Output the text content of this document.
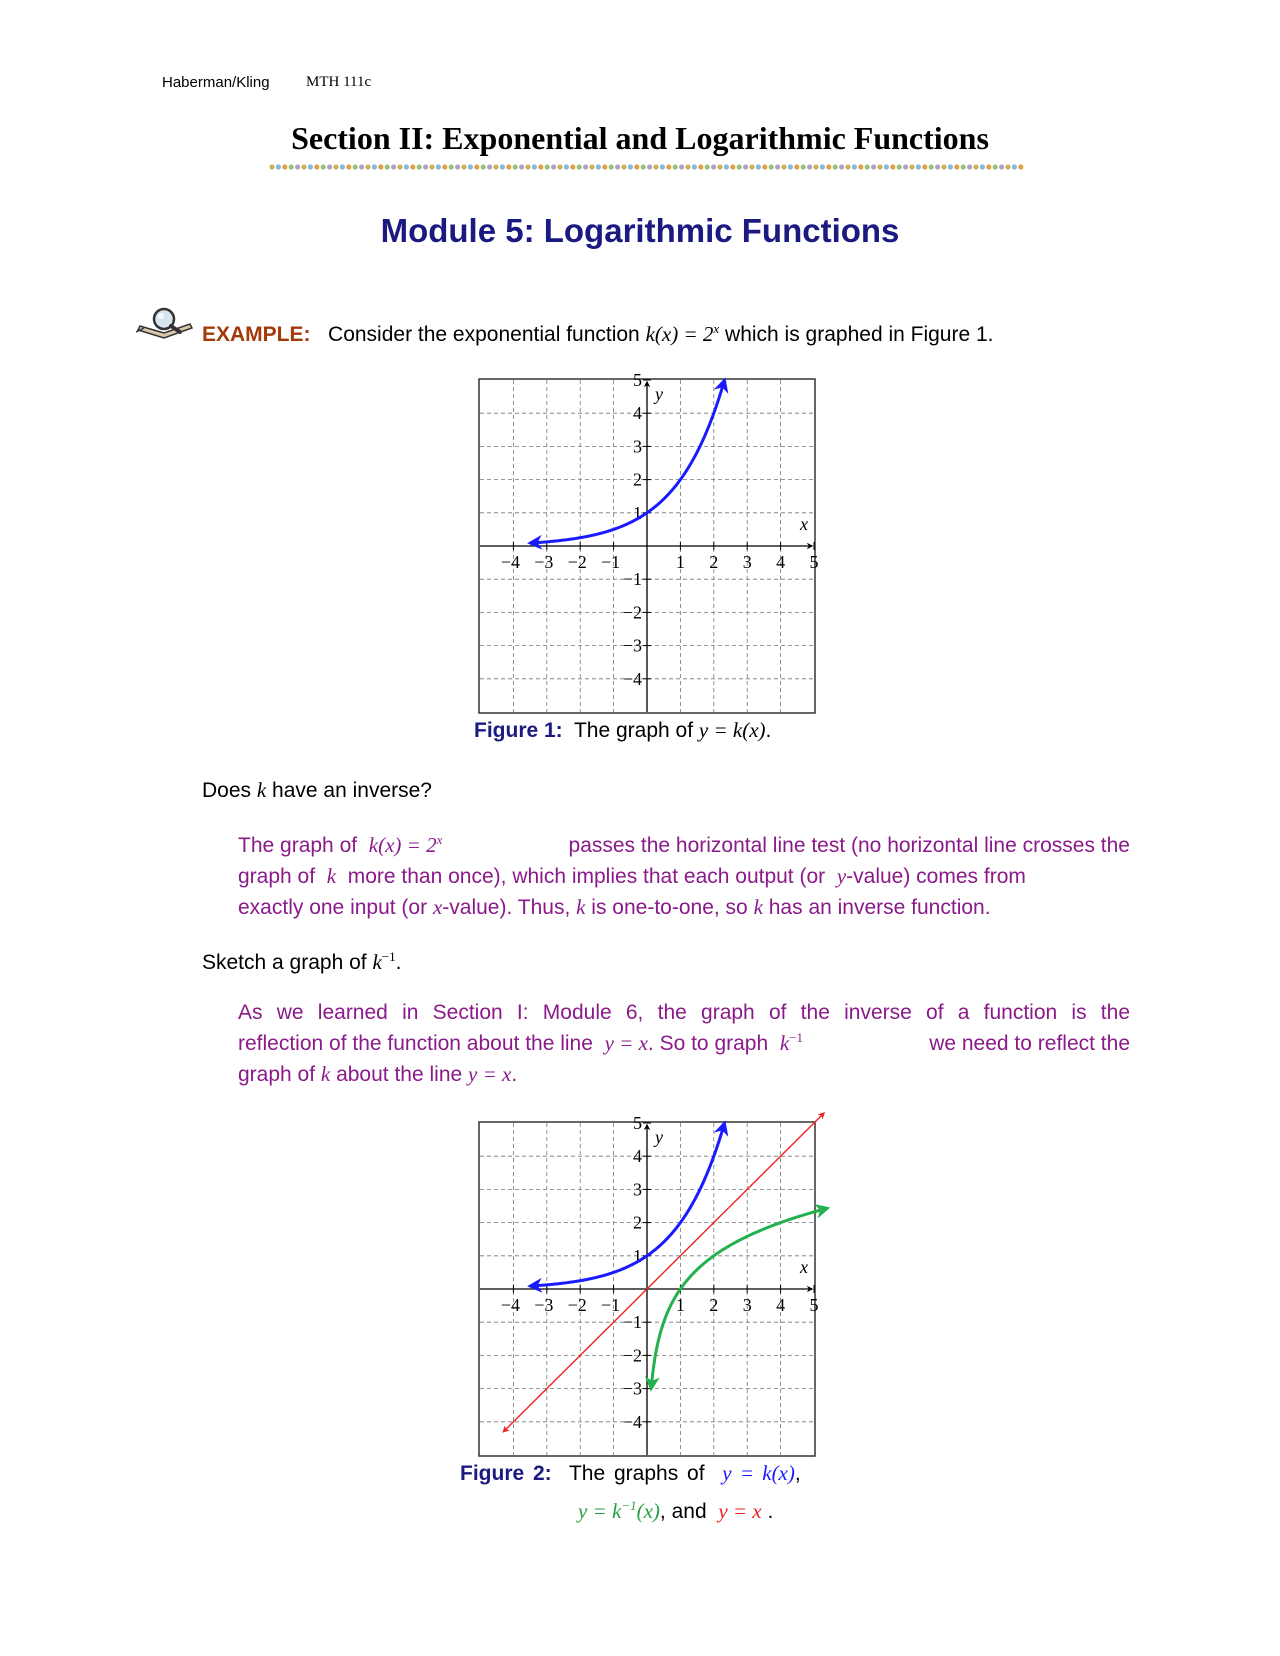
Haberman/Kling MTH 111c
Section II: Exponential and Logarithmic Functions
Module 5: Logarithmic Functions
EXAMPLE: Consider the exponential function $k(x) = 2^x$ which is graphed in Figure 1.
−4 −3 −2 −1	1 2 3 4 5
5
4
3
2
1
−1
−2
−3
−4
y
x
Figure 1: The graph of y = k(x).
Does k have an inverse?
The graph of $k(x) = 2^x$	passes the horizontal line test (no horizontal line crosses the
graph of k more than once), which implies that each output (or y-value) comes from
exactly one input (or x-value). Thus, k is one-to-one, so k has an inverse function.
Sketch a graph of $k^{-1}$.
As we learned in Section I: Module 6, the graph of the inverse of a function is the
reflection of the function about the line y = x. So to graph $k^{-1}$	we need to reflect the
graph of k about the line y = x.
−4 −3 −2 −1	1 2 3 4 5
5
4
3
2
1
−1
−2
−3
−4
y
x
Figure 2: The graphs of y = k(x),
$y = k^{-1}(x)$, and y = x .
